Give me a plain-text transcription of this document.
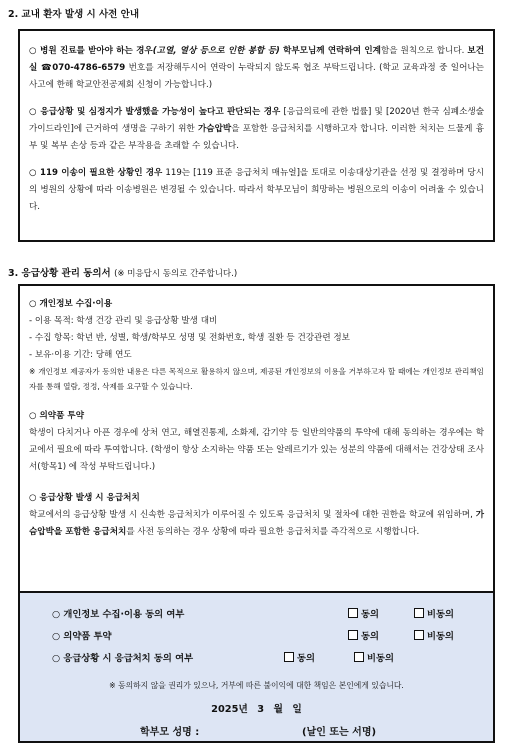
2. 교내 환자 발생 시 사전 안내

○ 병원 진료를 받아야 하는 경우(고열, 열상 등으로 인한 봉합 등) 학부모님께 연락하여 인계함을 원칙으로 합니다. 보건실 ☎070-4786-6579 번호를 저장해두시어 연락이 누락되지 않도록 협조 부탁드립니다. (학교 교육과정 중 일어나는 사고에 한해 학교안전공제회 신청이 가능합니다.)

○ 응급상황 및 심정지가 발생했을 가능성이 높다고 판단되는 경우 [응급의료에 관한 법률] 및 [2020년 한국 심폐소생술 가이드라인]에 근거하여 생명을 구하기 위한 가슴압박을 포함한 응급처치를 시행하고자 합니다. 이러한 처치는 드물게 흉부 및 복부 손상 등과 같은 부작용을 초래할 수 있습니다.

○ 119 이송이 필요한 상황인 경우 119는 [119 표준 응급처치 매뉴얼]을 토대로 이송대상기관을 선정 및 결정하며 당시의 병원의 상황에 따라 이송병원은 변경될 수 있습니다. 따라서 학부모님이 희망하는 병원으로의 이송이 어려울 수 있습니다.

3. 응급상황 관리 동의서 (※ 미응답시 동의로 간주합니다.)

○ 개인정보 수집·이용

- 이용 목적: 학생 건강 관리 및 응급상황 발생 대비

- 수집 항목: 학년 반, 성별, 학생/학부모 성명 및 전화번호, 학생 질환 등 건강관련 정보

- 보유·이용 기간: 당해 연도

※ 개인정보 제공자가 동의한 내용은 다른 목적으로 활용하지 않으며, 제공된 개인정보의 이용을 거부하고자 할 때에는 개인정보 관리책임자를 통해 열람, 정정, 삭제를 요구할 수 있습니다.

○ 의약품 투약

학생이 다치거나 아픈 경우에 상처 연고, 해열진통제, 소화제, 감기약 등 일반의약품의 투약에 대해 동의하는 경우에는 학교에서 필요에 따라 투여합니다. (학생이 항상 소지하는 약품 또는 알레르기가 있는 성분의 약품에 대해서는 건강상태 조사서(항목1) 에 작성 부탁드립니다.)

○ 응급상황 발생 시 응급처치

학교에서의 응급상황 발생 시 신속한 응급처치가 이루어질 수 있도록 응급처치 및 절차에 대한 권한을 학교에 위임하며, 가슴압박을 포함한 응급처치를 사전 동의하는 경우 상황에 따라 필요한 응급처치를 즉각적으로 시행합니다.

○ 개인정보 수집·이용 동의 여부	동의	비동의
○ 의약품 투약	동의	비동의
○ 응급상황 시 응급처치 동의 여부	동의	비동의
※ 동의하지 않을 권리가 있으나, 거부에 따른 불이익에 대한 책임은 본인에게 있습니다.
2025년 3 월 일
학부모 성명 :	(날인 또는 서명)
